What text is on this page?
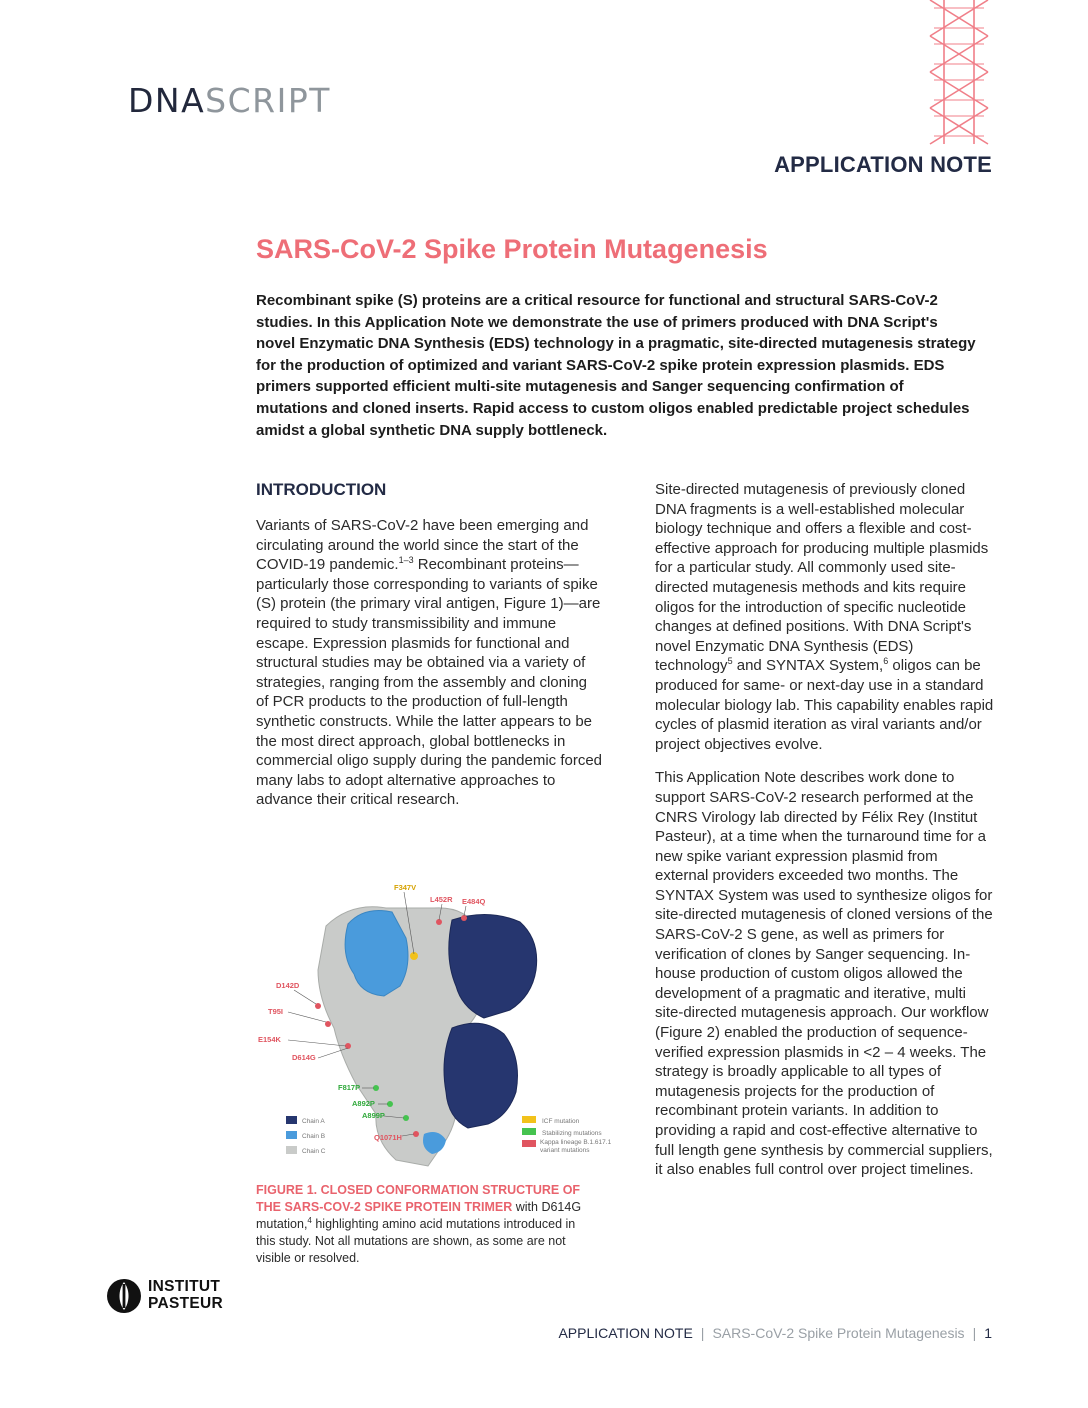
DNASCRIPT
APPLICATION NOTE
SARS-CoV-2 Spike Protein Mutagenesis

Recombinant spike (S) proteins are a critical resource for functional and structural SARS-CoV-2 studies. In this Application Note we demonstrate the use of primers produced with DNA Script's novel Enzymatic DNA Synthesis (EDS) technology in a pragmatic, site-directed mutagenesis strategy for the production of optimized and variant SARS-CoV-2 spike protein expression plasmids. EDS primers supported efficient multi-site mutagenesis and Sanger sequencing confirmation of mutations and cloned inserts. Rapid access to custom oligos enabled predictable project schedules amidst a global synthetic DNA supply bottleneck.

INTRODUCTION

Variants of SARS-CoV-2 have been emerging and circulating around the world since the start of the COVID-19 pandemic.$^{1-3}$ Recombinant proteins—particularly those corresponding to variants of spike (S) protein (the primary viral antigen, Figure 1)—are required to study transmissibility and immune escape. Expression plasmids for functional and structural studies may be obtained via a variety of strategies, ranging from the assembly and cloning of PCR products to the production of full-length synthetic constructs. While the latter appears to be the most direct approach, global bottlenecks in commercial oligo supply during the pandemic forced many labs to adopt alternative approaches to advance their critical research.

Site-directed mutagenesis of previously cloned DNA fragments is a well-established molecular biology technique and offers a flexible and cost-effective approach for producing multiple plasmids for a particular study. All commonly used site-directed mutagenesis methods and kits require oligos for the introduction of specific nucleotide changes at defined positions. With DNA Script's novel Enzymatic DNA Synthesis (EDS) technology$^5$ and SYNTAX System,$^6$ oligos can be produced for same- or next-day use in a standard molecular biology lab. This capability enables rapid cycles of plasmid iteration as viral variants and/or project objectives evolve.

This Application Note describes work done to support SARS-CoV-2 research performed at the CNRS Virology lab directed by Félix Rey (Institut Pasteur), at a time when the turnaround time for a new spike variant expression plasmid from external providers exceeded two months. The SYNTAX System was used to synthesize oligos for site-directed mutagenesis of cloned versions of the SARS-CoV-2 S gene, as well as primers for verification of clones by Sanger sequencing. In-house production of custom oligos allowed the development of a pragmatic and iterative, multi site-directed mutagenesis approach. Our workflow (Figure 2) enabled the production of sequence-verified expression plasmids in <2 – 4 weeks. The strategy is broadly applicable to all types of mutagenesis projects for the production of recombinant protein variants. In addition to providing a rapid and cost-effective alternative to full length gene synthesis by commercial suppliers, it also enables full control over project timelines.

F347V
L452R E484Q
D142D
T95I
E154K
D614G
F817P
A892P
A899P
Q1071H
Chain A
Chain B
Chain C
ICF mutation
Stabilizing mutations
Kappa lineage B.1.617.1 variant mutations

FIGURE 1. CLOSED CONFORMATION STRUCTURE OF THE SARS-COV-2 SPIKE PROTEIN TRIMER with D614G mutation,$^4$ highlighting amino acid mutations introduced in this study. Not all mutations are shown, as some are not visible or resolved.

INSTITUT
PASTEUR
APPLICATION NOTE | SARS-CoV-2 Spike Protein Mutagenesis | 1
